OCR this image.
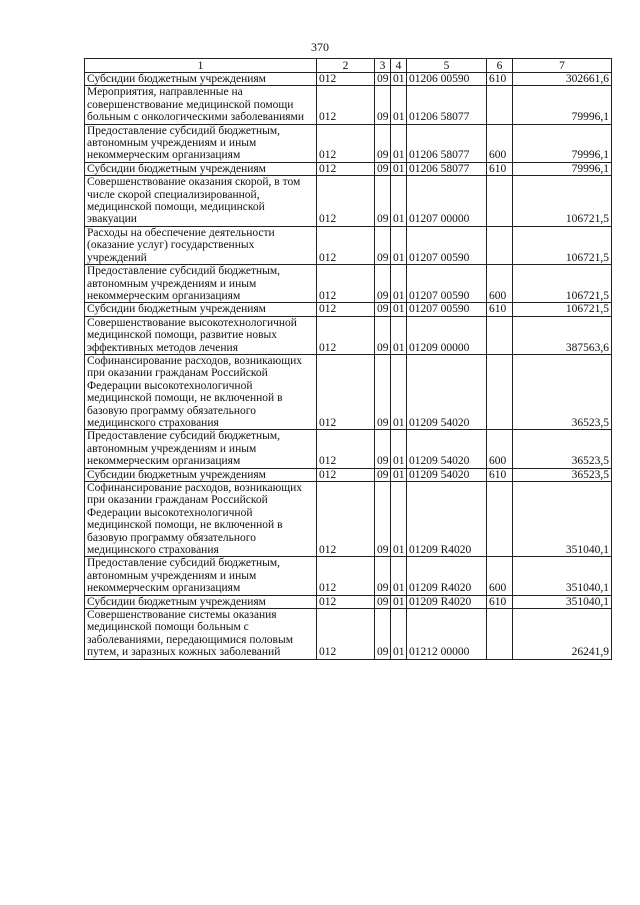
370
1	2	3	4	5	6	7
Субсидии бюджетным учреждениям	012	09	01	01206 00590	610	302661,6
Мероприятия, направленные на совершенствование медицинской помощи больным с онкологическими заболеваниями	012	09	01	01206 58077		79996,1
Предоставление субсидий бюджетным, автономным учреждениям и иным некоммерческим организациям	012	09	01	01206 58077	600	79996,1
Субсидии бюджетным учреждениям	012	09	01	01206 58077	610	79996,1
Совершенствование оказания скорой, в том числе скорой специализированной, медицинской помощи, медицинской эвакуации	012	09	01	01207 00000		106721,5
Расходы на обеспечение деятельности (оказание услуг) государственных учреждений	012	09	01	01207 00590		106721,5
Предоставление субсидий бюджетным, автономным учреждениям и иным некоммерческим организациям	012	09	01	01207 00590	600	106721,5
Субсидии бюджетным учреждениям	012	09	01	01207 00590	610	106721,5
Совершенствование высокотехнологичной медицинской помощи, развитие новых эффективных методов лечения	012	09	01	01209 00000		387563,6
Софинансирование расходов, возникающих при оказании гражданам Российской Федерации высокотехнологичной медицинской помощи, не включенной в базовую программу обязательного медицинского страхования	012	09	01	01209 54020		36523,5
Предоставление субсидий бюджетным, автономным учреждениям и иным некоммерческим организациям	012	09	01	01209 54020	600	36523,5
Субсидии бюджетным учреждениям	012	09	01	01209 54020	610	36523,5
Софинансирование расходов, возникающих при оказании гражданам Российской Федерации высокотехнологичной медицинской помощи, не включенной в базовую программу обязательного медицинского страхования	012	09	01	01209 R4020		351040,1
Предоставление субсидий бюджетным, автономным учреждениям и иным некоммерческим организациям	012	09	01	01209 R4020	600	351040,1
Субсидии бюджетным учреждениям	012	09	01	01209 R4020	610	351040,1
Совершенствование системы оказания медицинской помощи больным с заболеваниями, передающимися половым путем, и заразных кожных заболеваний	012	09	01	01212 00000		26241,9
